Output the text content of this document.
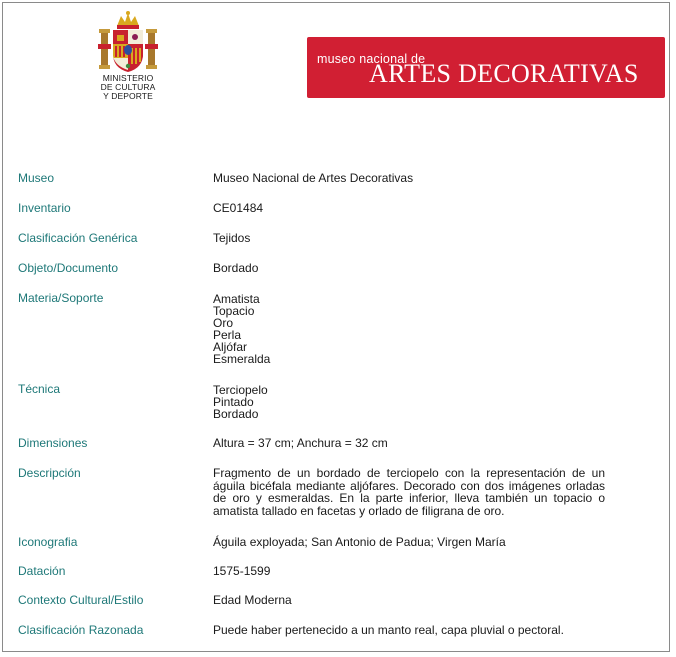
MINISTERIO
DE CULTURA
Y DEPORTE
museo nacional de
ARTES DECORATIVAS
Museo	Museo Nacional de Artes Decorativas
Inventario	CE01484
Clasificación Genérica	Tejidos
Objeto/Documento	Bordado
Materia/Soporte	Amatista
Topacio
Oro
Perla
Aljófar
Esmeralda
Técnica	Terciopelo
Pintado
Bordado
Dimensiones	Altura = 37 cm; Anchura = 32 cm
Descripción	Fragmento de un bordado de terciopelo con la representación de un águila bicéfala mediante aljófares. Decorado con dos imágenes orladas de oro y esmeraldas. En la parte inferior, lleva también un topacio o amatista tallado en facetas y orlado de filigrana de oro.
Iconografia	Águila exployada; San Antonio de Padua; Virgen María
Datación	1575-1599
Contexto Cultural/Estilo	Edad Moderna
Clasificación Razonada	Puede haber pertenecido a un manto real, capa pluvial o pectoral.
